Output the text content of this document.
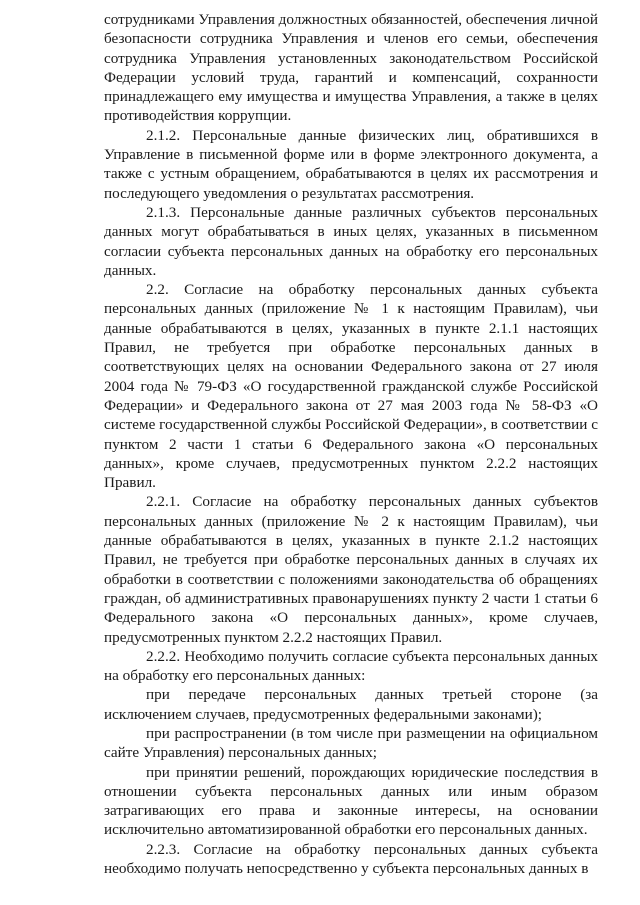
сотрудниками Управления должностных обязанностей, обеспечения личной безопасности сотрудника Управления и членов его семьи, обеспечения сотрудника Управления установленных законодательством Российской Федерации условий труда, гарантий и компенсаций, сохранности принадлежащего ему имущества и имущества Управления, а также в целях противодействия коррупции.

2.1.2. Персональные данные физических лиц, обратившихся в Управление в письменной форме или в форме электронного документа, а также с устным обращением, обрабатываются в целях их рассмотрения и последующего уведомления о результатах рассмотрения.

2.1.3. Персональные данные различных субъектов персональных данных могут обрабатываться в иных целях, указанных в письменном согласии субъекта персональных данных на обработку его персональных данных.

2.2. Согласие на обработку персональных данных субъекта персональных данных (приложение № 1 к настоящим Правилам), чьи данные обрабатываются в целях, указанных в пункте 2.1.1 настоящих Правил, не требуется при обработке персональных данных в соответствующих целях на основании Федерального закона от 27 июля 2004 года № 79-ФЗ «О государственной гражданской службе Российской Федерации» и Федерального закона от 27 мая 2003 года № 58-ФЗ «О системе государственной службы Российской Федерации», в соответствии с пунктом 2 части 1 статьи 6 Федерального закона «О персональных данных», кроме случаев, предусмотренных пунктом 2.2.2 настоящих Правил.

2.2.1. Согласие на обработку персональных данных субъектов персональных данных (приложение № 2 к настоящим Правилам), чьи данные обрабатываются в целях, указанных в пункте 2.1.2 настоящих Правил, не требуется при обработке персональных данных в случаях их обработки в соответствии с положениями законодательства об обращениях граждан, об административных правонарушениях пункту 2 части 1 статьи 6 Федерального закона «О персональных данных», кроме случаев, предусмотренных пунктом 2.2.2 настоящих Правил.

2.2.2. Необходимо получить согласие субъекта персональных данных на обработку его персональных данных:

при передаче персональных данных третьей стороне (за исключением случаев, предусмотренных федеральными законами);

при распространении (в том числе при размещении на официальном сайте Управления) персональных данных;

при принятии решений, порождающих юридические последствия в отношении субъекта персональных данных или иным образом затрагивающих его права и законные интересы, на основании исключительно автоматизированной обработки его персональных данных.

2.2.3. Согласие на обработку персональных данных субъекта необходимо получать непосредственно у субъекта персональных данных в
